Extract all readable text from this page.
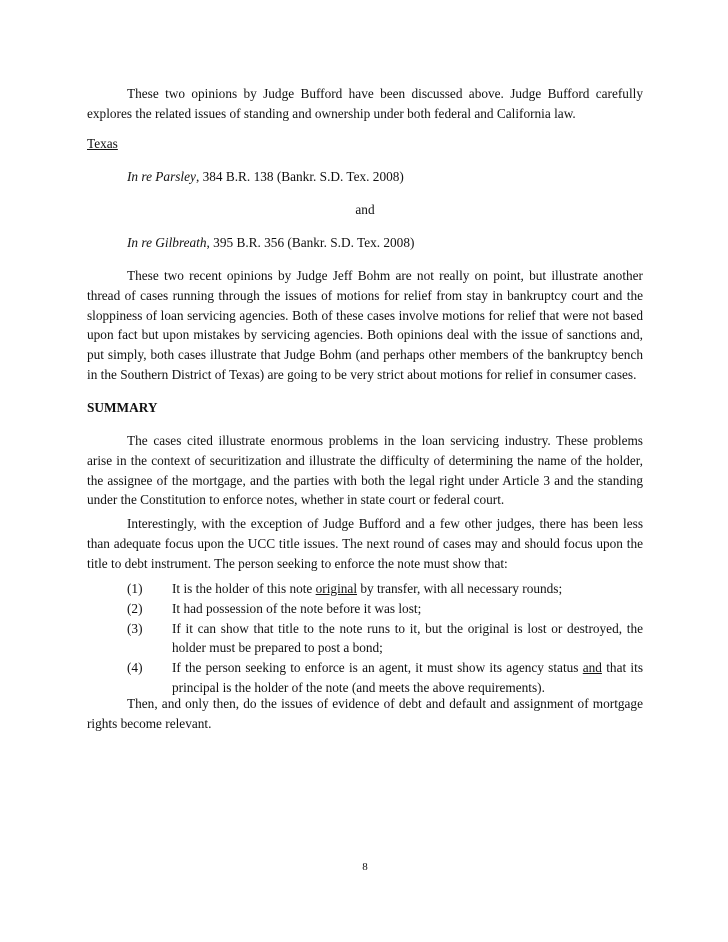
These two opinions by Judge Bufford have been discussed above. Judge Bufford carefully explores the related issues of standing and ownership under both federal and California law.
Texas
In re Parsley, 384 B.R. 138 (Bankr. S.D. Tex. 2008)
and
In re Gilbreath, 395 B.R. 356 (Bankr. S.D. Tex. 2008)
These two recent opinions by Judge Jeff Bohm are not really on point, but illustrate another thread of cases running through the issues of motions for relief from stay in bankruptcy court and the sloppiness of loan servicing agencies. Both of these cases involve motions for relief that were not based upon fact but upon mistakes by servicing agencies. Both opinions deal with the issue of sanctions and, put simply, both cases illustrate that Judge Bohm (and perhaps other members of the bankruptcy bench in the Southern District of Texas) are going to be very strict about motions for relief in consumer cases.
SUMMARY
The cases cited illustrate enormous problems in the loan servicing industry. These problems arise in the context of securitization and illustrate the difficulty of determining the name of the holder, the assignee of the mortgage, and the parties with both the legal right under Article 3 and the standing under the Constitution to enforce notes, whether in state court or federal court.
Interestingly, with the exception of Judge Bufford and a few other judges, there has been less than adequate focus upon the UCC title issues. The next round of cases may and should focus upon the title to debt instrument. The person seeking to enforce the note must show that:
(1)	It is the holder of this note original by transfer, with all necessary rounds;
(2)	It had possession of the note before it was lost;
(3)	If it can show that title to the note runs to it, but the original is lost or destroyed, the holder must be prepared to post a bond;
(4)	If the person seeking to enforce is an agent, it must show its agency status and that its principal is the holder of the note (and meets the above requirements).
Then, and only then, do the issues of evidence of debt and default and assignment of mortgage rights become relevant.
8
